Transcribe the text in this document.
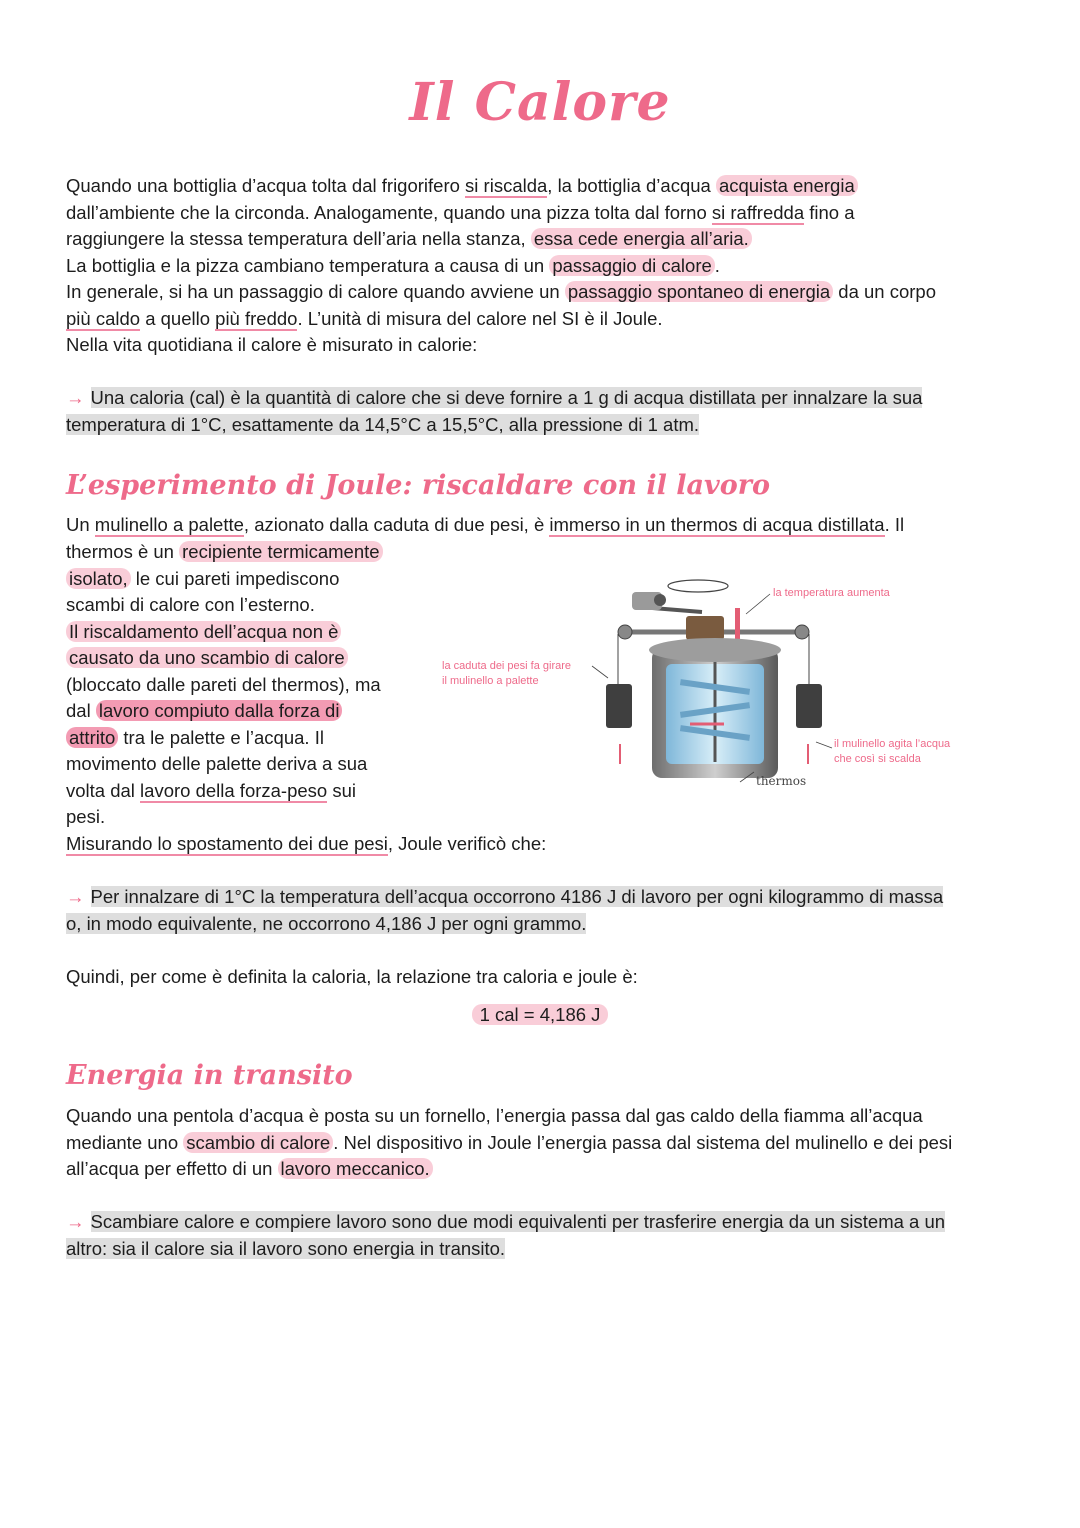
Il Calore
Quando una bottiglia d’acqua tolta dal frigorifero si riscalda, la bottiglia d’acqua acquista energia
dall’ambiente che la circonda. Analogamente, quando una pizza tolta dal forno si raffredda fino a
raggiungere la stessa temperatura dell’aria nella stanza, essa cede energia all’aria.
La bottiglia e la pizza cambiano temperatura a causa di un passaggio di calore .
In generale, si ha un passaggio di calore quando avviene un passaggio spontaneo di energia da un corpo
più caldo a quello più freddo. L’unità di misura del calore nel SI è il Joule.
Nella vita quotidiana il calore è misurato in calorie:
→ Una caloria (cal) è la quantità di calore che si deve fornire a 1 g di acqua distillata per innalzare la sua
temperatura di 1°C, esattamente da 14,5°C a 15,5°C, alla pressione di 1 atm.
L’esperimento di Joule: riscaldare con il lavoro
Un mulinello a palette, azionato dalla caduta di due pesi, è immerso in un thermos di acqua distillata. Il
thermos è un recipiente termicamente
isolato, le cui pareti impediscono
scambi di calore con l’esterno.
Il riscaldamento dell’acqua non è
causato da uno scambio di calore
(bloccato dalle pareti del thermos), ma
dal lavoro compiuto dalla forza di
attrito tra le palette e l’acqua. Il
movimento delle palette deriva a sua
volta dal lavoro della forza-peso sui
pesi.
Misurando lo spostamento dei due pesi, Joule verificò che:
la temperatura aumenta
la caduta dei pesi fa girare
il mulinello a palette
il mulinello agita l’acqua
che così si scalda
thermos
→ Per innalzare di 1°C la temperatura dell’acqua occorrono 4186 J di lavoro per ogni kilogrammo di massa
o, in modo equivalente, ne occorrono 4,186 J per ogni grammo.
Quindi, per come è definita la caloria, la relazione tra caloria e joule è:
1 cal = 4,186 J
Energia in transito
Quando una pentola d’acqua è posta su un fornello, l’energia passa dal gas caldo della fiamma all’acqua
mediante uno scambio di calore . Nel dispositivo in Joule l’energia passa dal sistema del mulinello e dei pesi
all’acqua per effetto di un lavoro meccanico.
→ Scambiare calore e compiere lavoro sono due modi equivalenti per trasferire energia da un sistema a un
altro: sia il calore sia il lavoro sono energia in transito.
